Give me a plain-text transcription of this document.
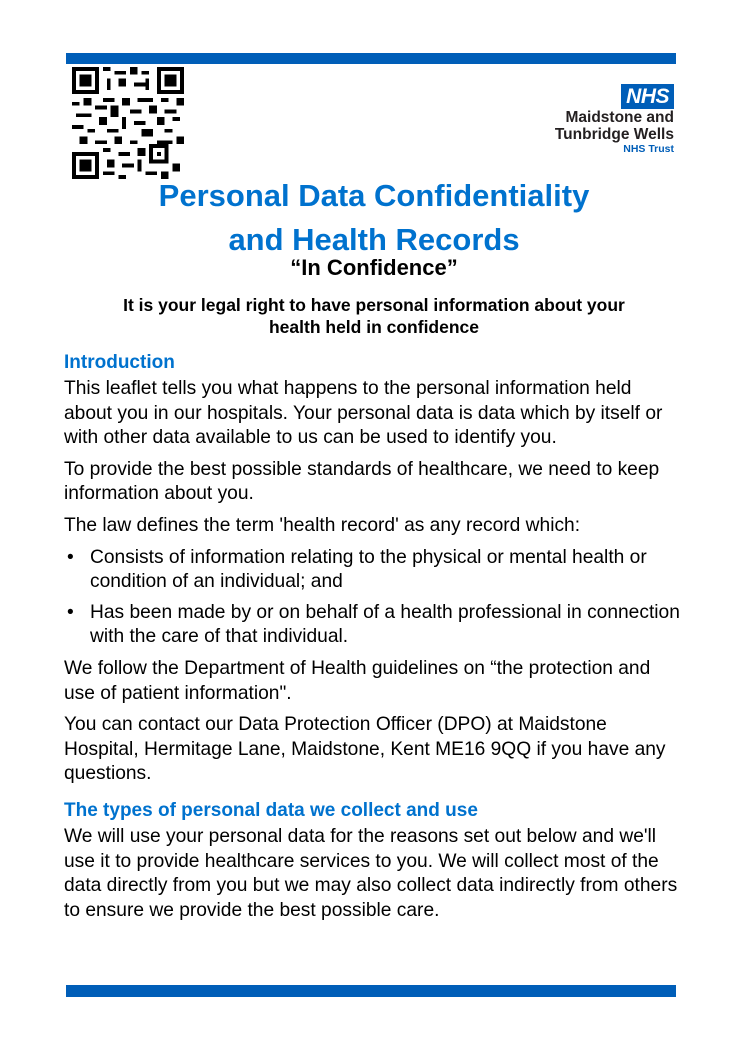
NHS
Maidstone and
Tunbridge Wells
NHS Trust
Personal Data Confidentiality
and Health Records
“In Confidence”
It is your legal right to have personal information about your
health held in confidence
Introduction

This leaflet tells you what happens to the personal information held about you in our hospitals. Your personal data is data which by itself or with other data available to us can be used to identify you.

To provide the best possible standards of healthcare, we need to keep information about you.

The law defines the term 'health record' as any record which:

• Consists of information relating to the physical or mental health or condition of an individual; and
• Has been made by or on behalf of a health professional in connection with the care of that individual.

We follow the Department of Health guidelines on “the protection and use of patient information".

You can contact our Data Protection Officer (DPO) at Maidstone Hospital, Hermitage Lane, Maidstone, Kent ME16 9QQ if you have any questions.

The types of personal data we collect and use

We will use your personal data for the reasons set out below and we'll use it to provide healthcare services to you. We will collect most of the data directly from you but we may also collect data indirectly from others to ensure we provide the best possible care.
